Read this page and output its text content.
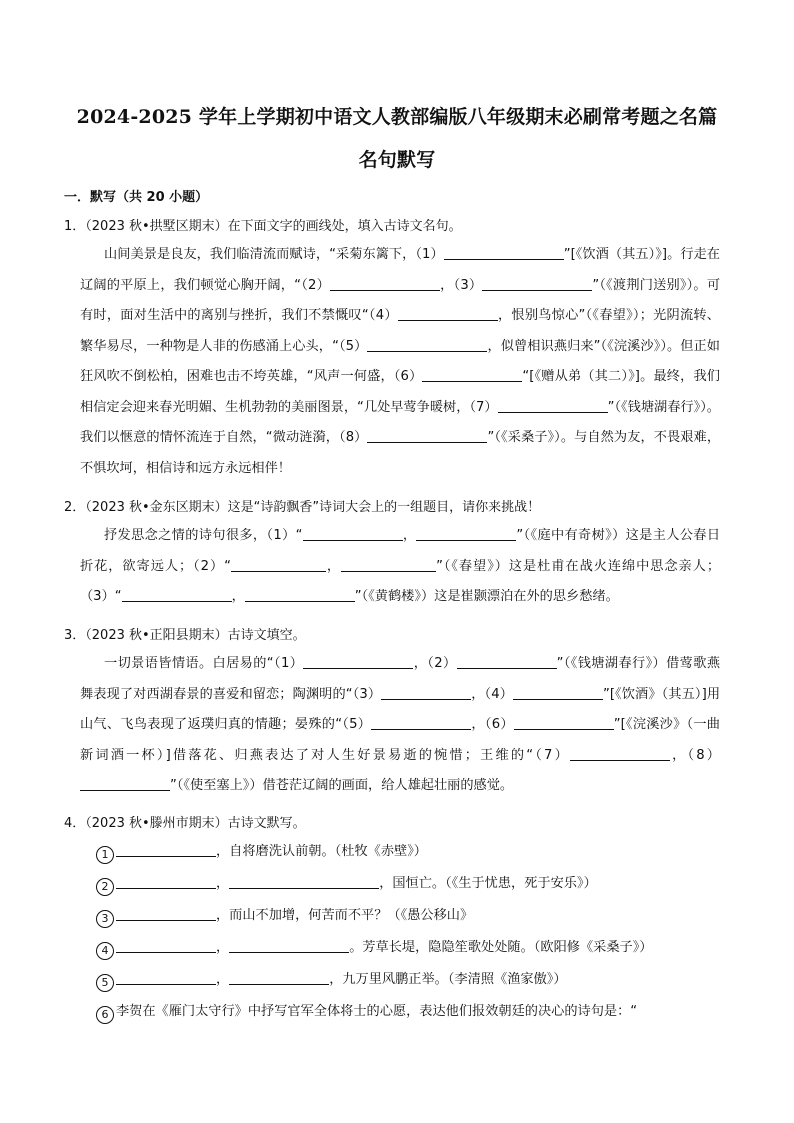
2024-2025 学年上学期初中语文人教部编版八年级期末必刷常考题之名篇
名句默写
一．默写（共 20 小题）
1．（2023 秋•拱墅区期末）在下面文字的画线处，填入古诗文名句。
山间美景是良友，我们临清流而赋诗，“采菊东篱下，（1）	”[《饮酒（其五）》]。行走在辽阔的平原上，我们顿觉心胸开阔，“（2）	，（3）	”（《渡荆门送别》）。可有时，面对生活中的离别与挫折，我们不禁慨叹“（4）	，恨别鸟惊心”（《春望》）；光阴流转、繁华易尽，一种物是人非的伤感涌上心头，“（5）	，似曾相识燕归来”（《浣溪沙》）。但正如狂风吹不倒松柏，困难也击不垮英雄，“风声一何盛，（6）	“[《赠从弟（其二）》]。最终，我们相信定会迎来春光明媚、生机勃勃的美丽图景，“几处早莺争暖树，（7）	”（《钱塘湖春行》）。我们以惬意的情怀流连于自然，“微动涟漪，（8）	”（《采桑子》）。与自然为友，不畏艰难，不惧坎坷，相信诗和远方永远相伴！
2．（2023 秋•金东区期末）这是“诗韵飘香”诗词大会上的一组题目，请你来挑战！
抒发思念之情的诗句很多，（1）“	，	”（《庭中有奇树》）这是主人公春日折花，欲寄远人；（2）“	，	”（《春望》）这是杜甫在战火连绵中思念亲人；（3）“	，	”（《黄鹤楼》）这是崔颢漂泊在外的思乡愁绪。
3．（2023 秋•正阳县期末）古诗文填空。
一切景语皆情语。白居易的“（1）	，（2）	”（《钱塘湖春行》）借莺歌燕舞表现了对西湖春景的喜爱和留恋；陶渊明的“（3）	，（4）	”[《饮酒》（其五）]用山气、飞鸟表现了返璞归真的情趣；晏殊的“（5）	，（6）	”[《浣溪沙》（一曲新词酒一杯）]借落花、归燕表达了对人生好景易逝的惋惜；王维的“（7）	，（8）”（《使至塞上》）借苍茫辽阔的画面，给人雄起壮丽的感觉。
4．（2023 秋•滕州市期末）古诗文默写。
1	，自将磨洗认前朝。（杜牧《赤壁》）
2	，	，国恒亡。（《生于忧患，死于安乐》）
3	，而山不加增，何苦而不平？（《愚公移山》
4	，	。芳草长堤，隐隐笙歌处处随。（欧阳修《采桑子》）
5	，	，九万里风鹏正举。（李清照《渔家傲》）
6 李贺在《雁门太守行》中抒写官军全体将士的心愿，表达他们报效朝廷的决心的诗句是：“
